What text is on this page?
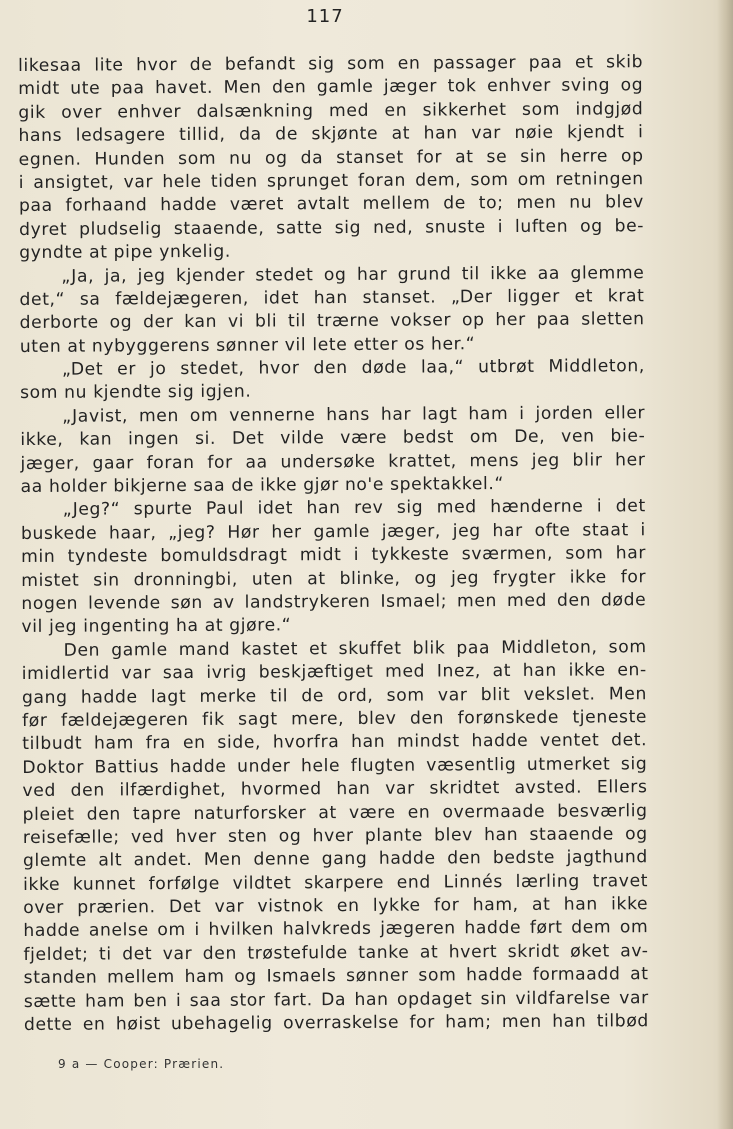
117
likesaa lite hvor de befandt sig som en passager paa et skib
midt ute paa havet. Men den gamle jæger tok enhver sving og
gik over enhver dalsænkning med en sikkerhet som indgjød
hans ledsagere tillid, da de skjønte at han var nøie kjendt i
egnen. Hunden som nu og da stanset for at se sin herre op
i ansigtet, var hele tiden sprunget foran dem, som om retningen
paa forhaand hadde været avtalt mellem de to; men nu blev
dyret pludselig staaende, satte sig ned, snuste i luften og be-
gyndte at pipe ynkelig.
„Ja, ja, jeg kjender stedet og har grund til ikke aa glemme
det,“ sa fældejægeren, idet han stanset. „Der ligger et krat
derborte og der kan vi bli til trærne vokser op her paa sletten
uten at nybyggerens sønner vil lete etter os her.“
„Det er jo stedet, hvor den døde laa,“ utbrøt Middleton,
som nu kjendte sig igjen.
„Javist, men om vennerne hans har lagt ham i jorden eller
ikke, kan ingen si. Det vilde være bedst om De, ven bie-
jæger, gaar foran for aa undersøke krattet, mens jeg blir her
aa holder bikjerne saa de ikke gjør no'e spektakkel.“
„Jeg?“ spurte Paul idet han rev sig med hænderne i det
buskede haar, „jeg? Hør her gamle jæger, jeg har ofte staat i
min tyndeste bomuldsdragt midt i tykkeste sværmen, som har
mistet sin dronningbi, uten at blinke, og jeg frygter ikke for
nogen levende søn av landstrykeren Ismael; men med den døde
vil jeg ingenting ha at gjøre.“
Den gamle mand kastet et skuffet blik paa Middleton, som
imidlertid var saa ivrig beskjæftiget med Inez, at han ikke en-
gang hadde lagt merke til de ord, som var blit vekslet. Men
før fældejægeren fik sagt mere, blev den forønskede tjeneste
tilbudt ham fra en side, hvorfra han mindst hadde ventet det.
Doktor Battius hadde under hele flugten væsentlig utmerket sig
ved den ilfærdighet, hvormed han var skridtet avsted. Ellers
pleiet den tapre naturforsker at være en overmaade besværlig
reisefælle; ved hver sten og hver plante blev han staaende og
glemte alt andet. Men denne gang hadde den bedste jagthund
ikke kunnet forfølge vildtet skarpere end Linnés lærling travet
over prærien. Det var vistnok en lykke for ham, at han ikke
hadde anelse om i hvilken halvkreds jægeren hadde ført dem om
fjeldet; ti det var den trøstefulde tanke at hvert skridt øket av-
standen mellem ham og Ismaels sønner som hadde formaadd at
sætte ham ben i saa stor fart. Da han opdaget sin vildfarelse var
dette en høist ubehagelig overraskelse for ham; men han tilbød
9 a — Cooper: Prærien.
